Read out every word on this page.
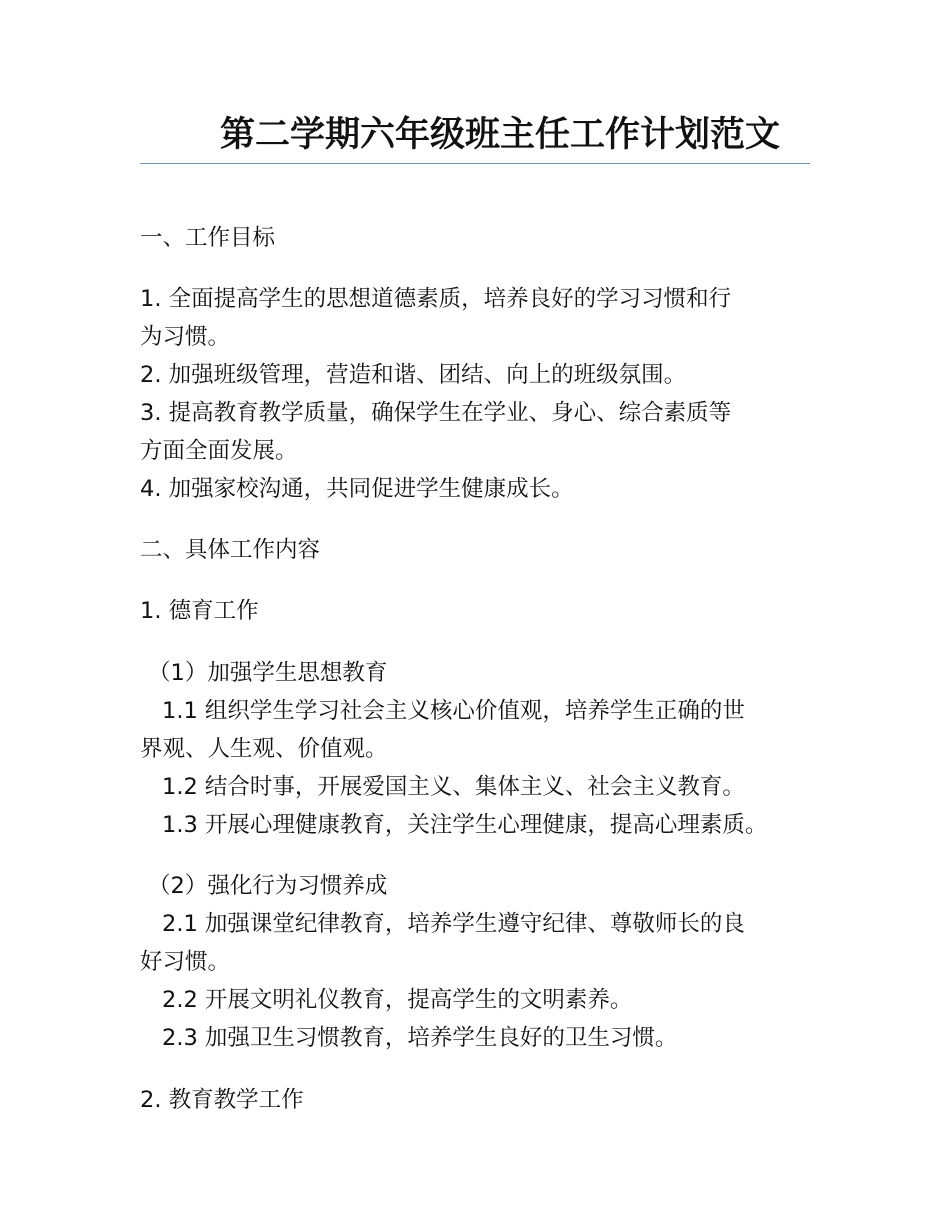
第二学期六年级班主任工作计划范文
一、工作目标
1. 全面提高学生的思想道德素质，培养良好的学习习惯和行
为习惯。
2. 加强班级管理，营造和谐、团结、向上的班级氛围。
3. 提高教育教学质量，确保学生在学业、身心、综合素质等
方面全面发展。
4. 加强家校沟通，共同促进学生健康成长。
二、具体工作内容
1. 德育工作
（1）加强学生思想教育
1.1 组织学生学习社会主义核心价值观，培养学生正确的世
界观、人生观、价值观。
1.2 结合时事，开展爱国主义、集体主义、社会主义教育。
1.3 开展心理健康教育，关注学生心理健康，提高心理素质。
（2）强化行为习惯养成
2.1 加强课堂纪律教育，培养学生遵守纪律、尊敬师长的良
好习惯。
2.2 开展文明礼仪教育，提高学生的文明素养。
2.3 加强卫生习惯教育，培养学生良好的卫生习惯。
2. 教育教学工作
